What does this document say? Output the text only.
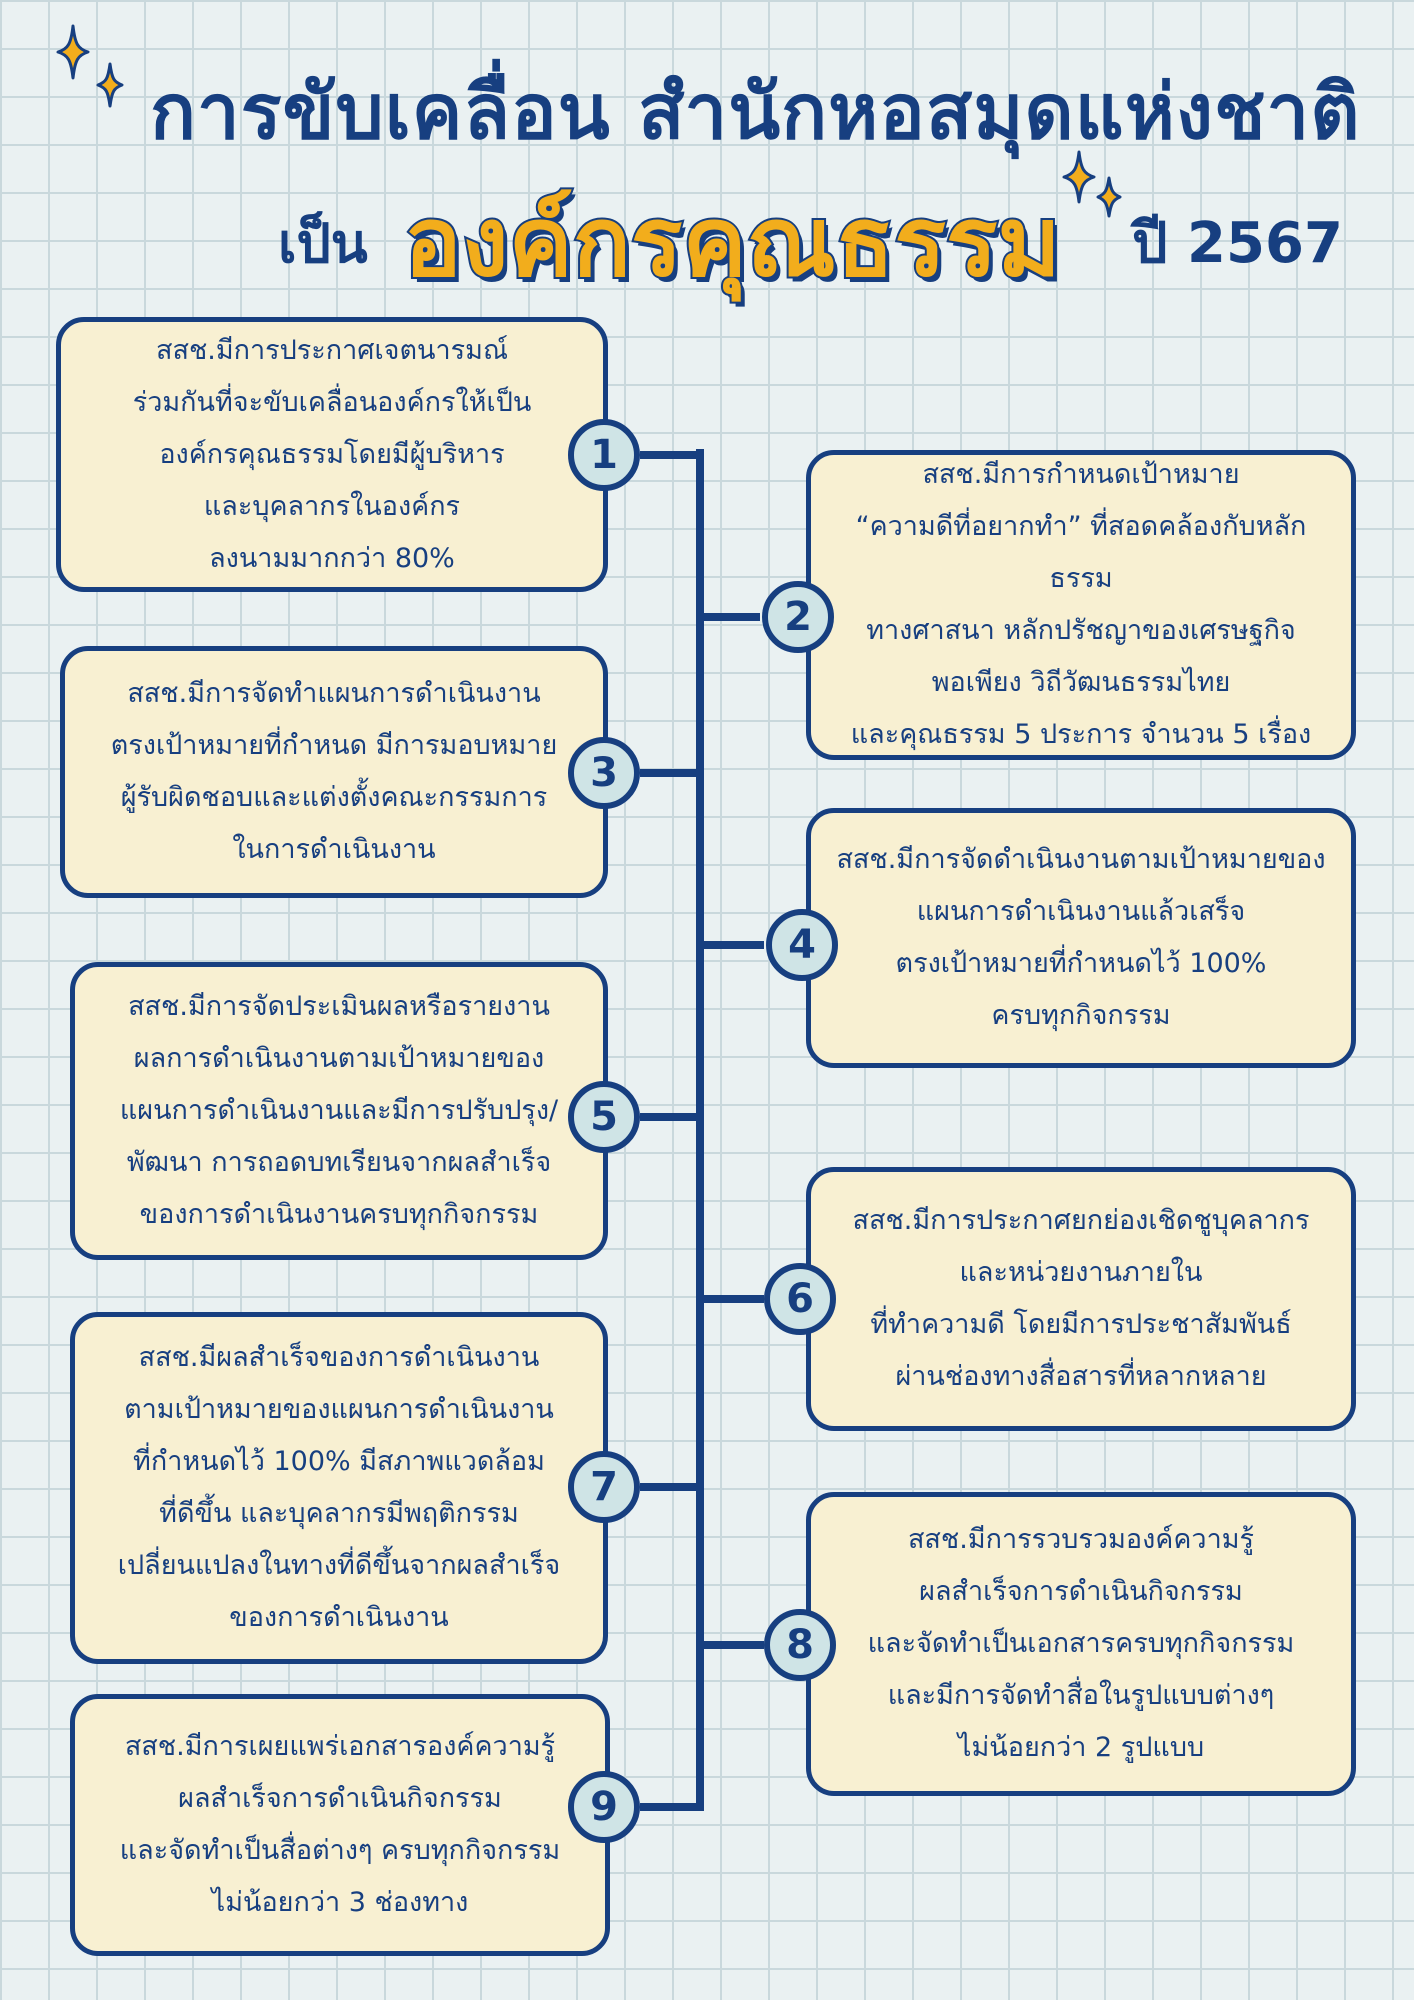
การขับเคลื่อน สำนักหอสมุดแห่งชาติ
เป็น องค์กรคุณธรรม ปี 2567

สสช.มีการประกาศเจตนารมณ์
ร่วมกันที่จะขับเคลื่อนองค์กรให้เป็น
องค์กรคุณธรรมโดยมีผู้บริหาร
และบุคลากรในองค์กร
ลงนามมากกว่า 80%

สสช.มีการกำหนดเป้าหมาย
“ความดีที่อยากทำ” ที่สอดคล้องกับหลักธรรม
ทางศาสนา หลักปรัชญาของเศรษฐกิจ
พอเพียง วิถีวัฒนธรรมไทย
และคุณธรรม 5 ประการ จำนวน 5 เรื่อง

สสช.มีการจัดทำแผนการดำเนินงาน
ตรงเป้าหมายที่กำหนด มีการมอบหมาย
ผู้รับผิดชอบและแต่งตั้งคณะกรรมการ
ในการดำเนินงาน	สสช.มีการจัดดำเนินงานตามเป้าหมายของ
แผนการดำเนินงานแล้วเสร็จ
ตรงเป้าหมายที่กำหนดไว้ 100%
ครบทุกกิจกรรม

สสช.มีการจัดประเมินผลหรือรายงาน
ผลการดำเนินงานตามเป้าหมายของ
แผนการดำเนินงานและมีการปรับปรุง/
พัฒนา การถอดบทเรียนจากผลสำเร็จ
ของการดำเนินงานครบทุกกิจกรรม	สสช.มีการประกาศยกย่องเชิดชูบุคลากร
และหน่วยงานภายใน
ที่ทำความดี โดยมีการประชาสัมพันธ์
ผ่านช่องทางสื่อสารที่หลากหลาย

สสช.มีผลสำเร็จของการดำเนินงาน
ตามเป้าหมายของแผนการดำเนินงาน
ที่กำหนดไว้ 100% มีสภาพแวดล้อม
ที่ดีขึ้น และบุคลากรมีพฤติกรรม
เปลี่ยนแปลงในทางที่ดีขึ้นจากผลสำเร็จ
ของการดำเนินงาน

สสช.มีการรวบรวมองค์ความรู้
ผลสำเร็จการดำเนินกิจกรรม
และจัดทำเป็นเอกสารครบทุกกิจกรรม
และมีการจัดทำสื่อในรูปแบบต่างๆ
ไม่น้อยกว่า 2 รูปแบบ

สสช.มีการเผยแพร่เอกสารองค์ความรู้
ผลสำเร็จการดำเนินกิจกรรม
และจัดทำเป็นสื่อต่างๆ ครบทุกกิจกรรม
ไม่น้อยกว่า 3 ช่องทาง

1
2
3
4
5
6
7
8
9
